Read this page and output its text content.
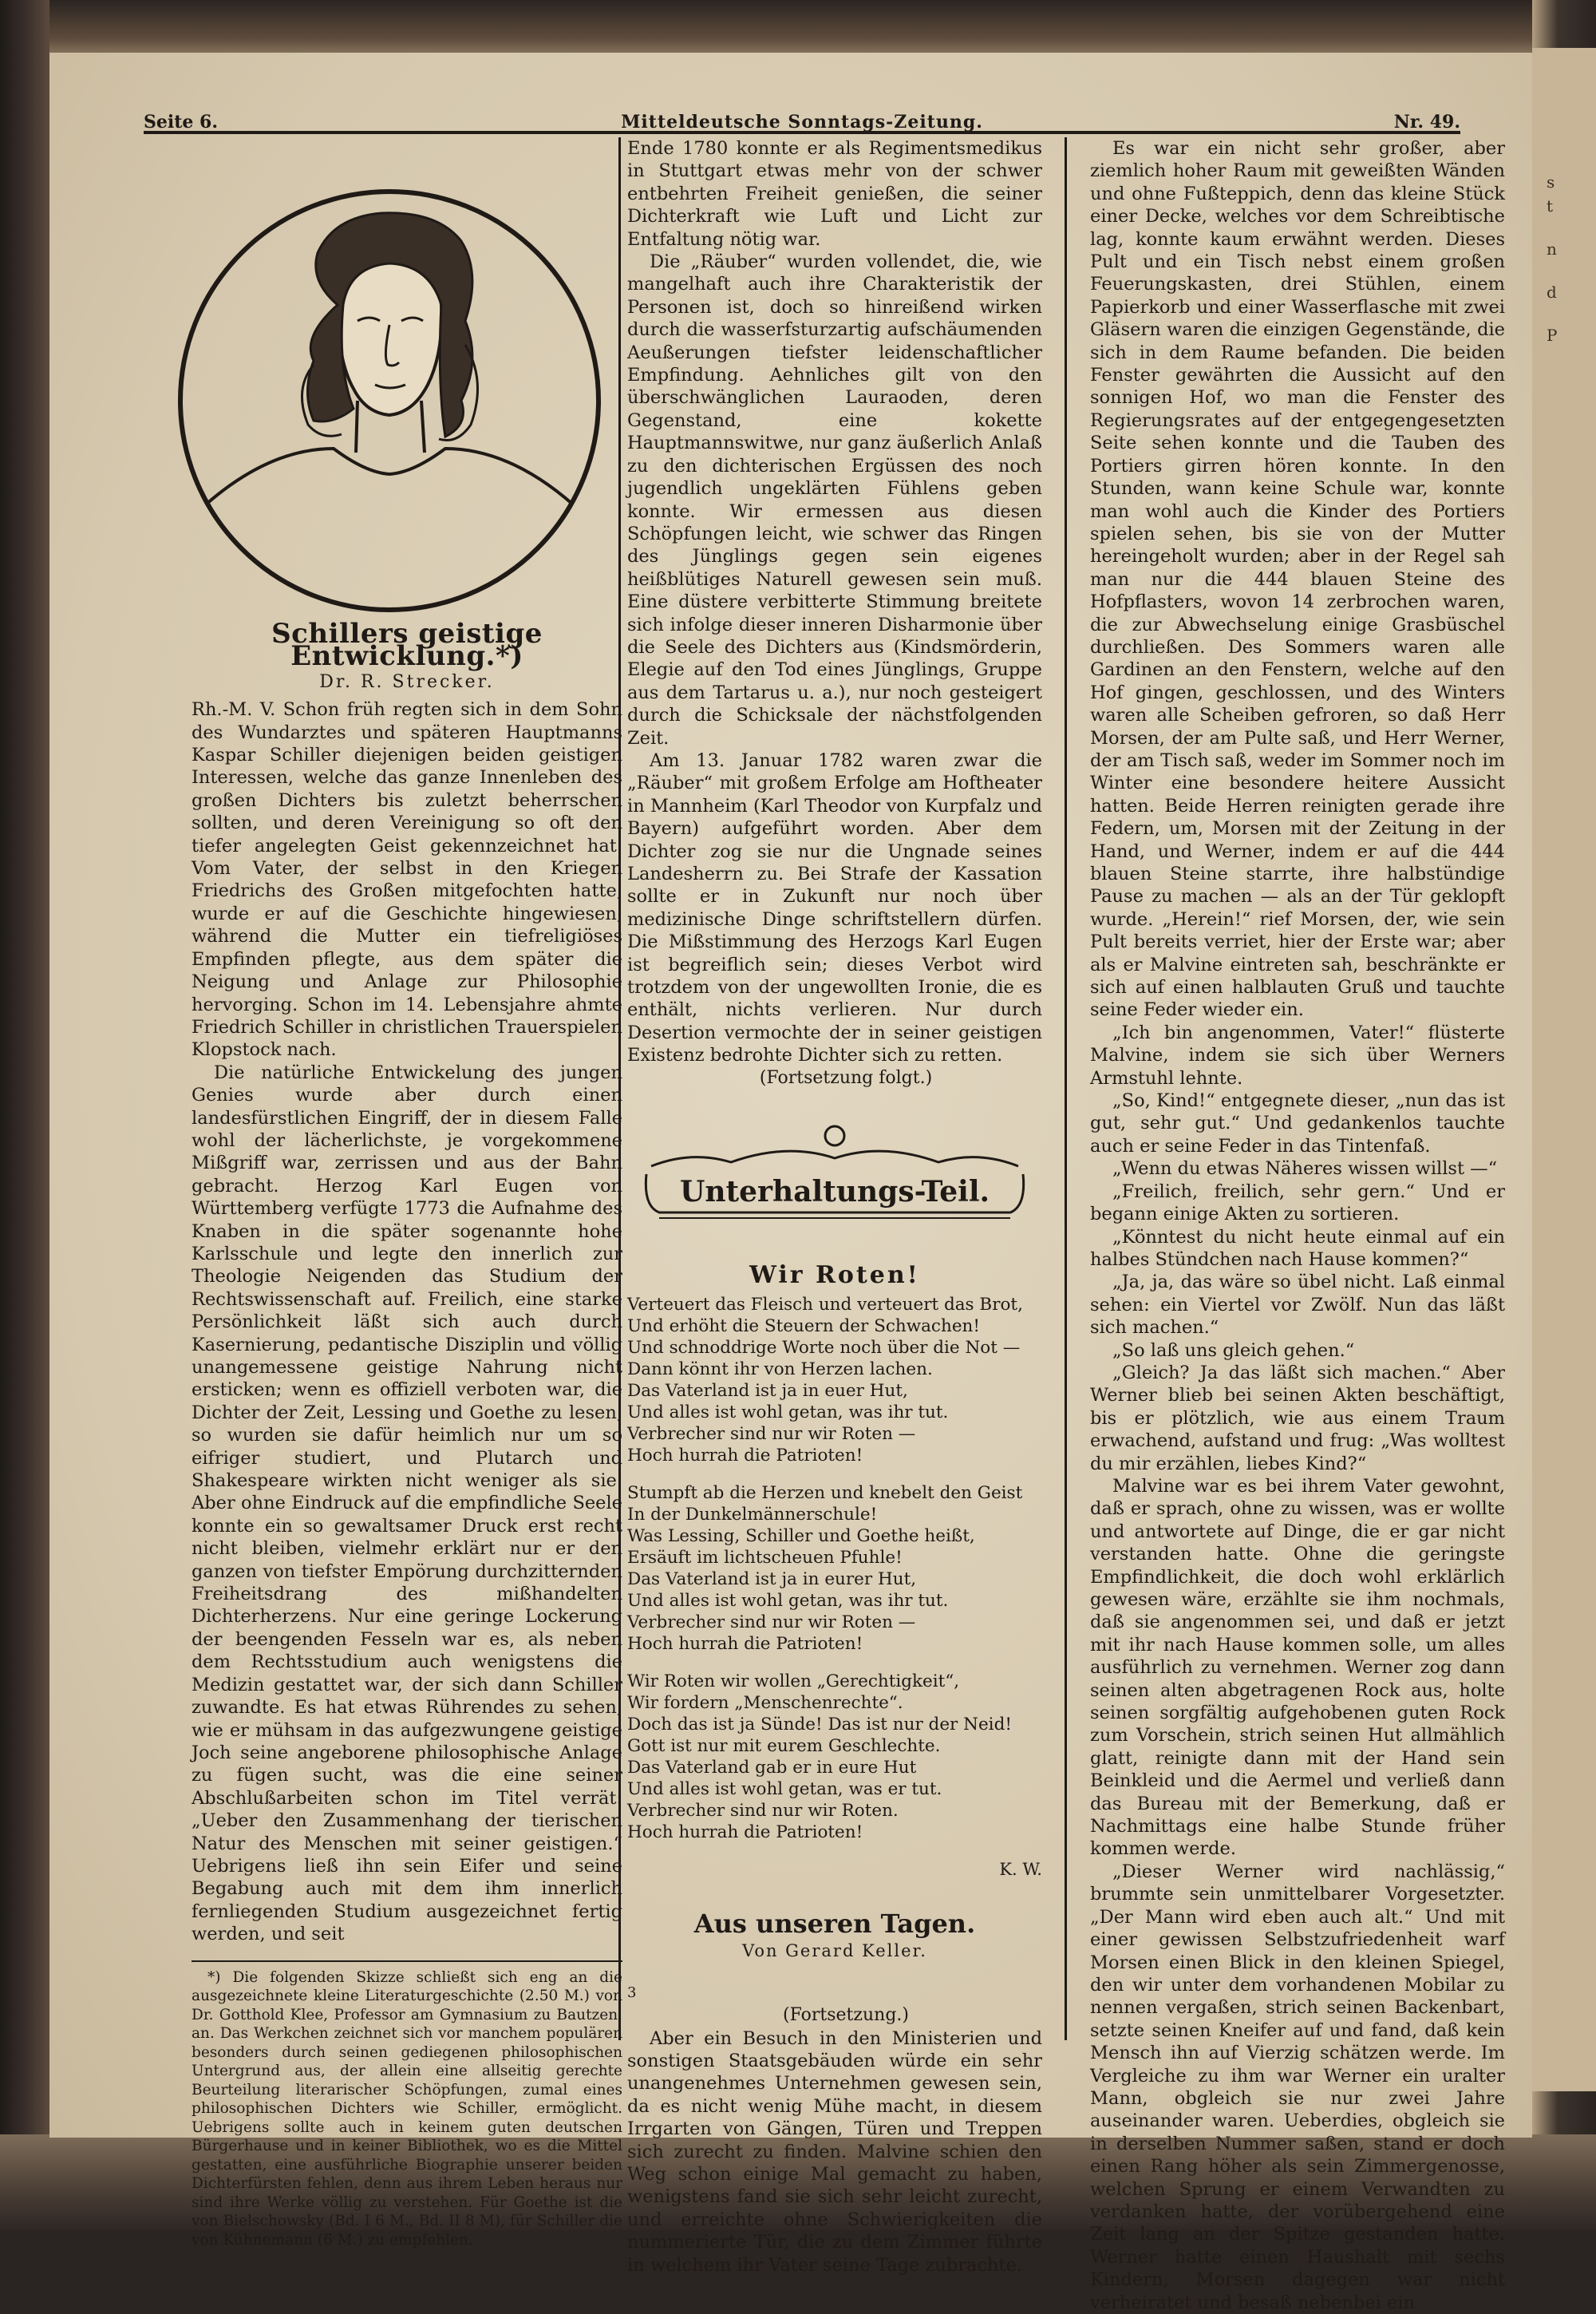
s
t
n
d
P
Seite 6.	Mitteldeutsche Sonntags-Zeitung.	Nr. 49.
Schillers geistige Entwicklung.*)
Dr. R. Strecker.

Rh.-M. V. Schon früh regten sich in dem Sohn des Wundarztes und späteren Hauptmanns Kaspar Schiller diejenigen beiden geistigen Interessen, welche das ganze Innenleben des großen Dichters bis zuletzt beherrschen sollten, und deren Vereinigung so oft den tiefer angelegten Geist gekennzeichnet hat. Vom Vater, der selbst in den Kriegen Friedrichs des Großen mitgefochten hatte, wurde er auf die Geschichte hingewiesen, während die Mutter ein tiefreligiöses Empfinden pflegte, aus dem später die Neigung und Anlage zur Philosophie hervorging. Schon im 14. Lebensjahre ahmte Friedrich Schiller in christlichen Trauerspielen Klopstock nach.

Die natürliche Entwickelung des jungen Genies wurde aber durch einen landesfürstlichen Eingriff, der in diesem Falle wohl der lächerlichste, je vorgekommene Mißgriff war, zerrissen und aus der Bahn gebracht. Herzog Karl Eugen von Württemberg verfügte 1773 die Aufnahme des Knaben in die später sogenannte hohe Karlsschule und legte den innerlich zur Theologie Neigenden das Studium der Rechtswissenschaft auf. Freilich, eine starke Persönlichkeit läßt sich auch durch Kasernierung, pedantische Disziplin und völlig unangemessene geistige Nahrung nicht ersticken; wenn es offiziell verboten war, die Dichter der Zeit, Lessing und Goethe zu lesen, so wurden sie dafür heimlich nur um so eifriger studiert, und Plutarch und Shakespeare wirkten nicht weniger als sie. Aber ohne Eindruck auf die empfindliche Seele konnte ein so gewaltsamer Druck erst recht nicht bleiben, vielmehr erklärt nur er den ganzen von tiefster Empörung durchzitternden Freiheitsdrang des mißhandelten Dichterherzens. Nur eine geringe Lockerung der beengenden Fesseln war es, als neben dem Rechtsstudium auch wenigstens die Medizin gestattet war, der sich dann Schiller zuwandte. Es hat etwas Rührendes zu sehen, wie er mühsam in das aufgezwungene geistige Joch seine angeborene philosophische Anlage zu fügen sucht, was die eine seiner Abschlußarbeiten schon im Titel verrät: „Ueber den Zusammenhang der tierischen Natur des Menschen mit seiner geistigen.“ Uebrigens ließ ihn sein Eifer und seine Begabung auch mit dem ihm innerlich fernliegenden Studium ausgezeichnet fertig werden, und seit

*) Die folgenden Skizze schließt sich eng an die ausgezeichnete kleine Literaturgeschichte (2.50 M.) von Dr. Gotthold Klee, Professor am Gymnasium zu Bautzen, an. Das Werkchen zeichnet sich vor manchem populären besonders durch seinen gediegenen philosophischen Untergrund aus, der allein eine allseitig gerechte Beurteilung literarischer Schöpfungen, zumal eines philosophischen Dichters wie Schiller, ermöglicht. Uebrigens sollte auch in keinem guten deutschen Bürgerhause und in keiner Bibliothek, wo es die Mittel gestatten, eine ausführliche Biographie unserer beiden Dichterfürsten fehlen, denn aus ihrem Leben heraus nur sind ihre Werke völlig zu verstehen. Für Goethe ist die von Bielschowsky (Bd. I 6 M., Bd. II 8 M), für Schiller die von Kühnemann (6 M.) zu empfehlen.

Ende 1780 konnte er als Regimentsmedikus in Stuttgart etwas mehr von der schwer entbehrten Freiheit genießen, die seiner Dichterkraft wie Luft und Licht zur Entfaltung nötig war.

Die „Räuber“ wurden vollendet, die, wie mangelhaft auch ihre Charakteristik der Personen ist, doch so hinreißend wirken durch die wasserfsturzartig aufschäumenden Aeußerungen tiefster leidenschaftlicher Empfindung. Aehnliches gilt von den überschwänglichen Lauraoden, deren Gegenstand, eine kokette Hauptmannswitwe, nur ganz äußerlich Anlaß zu den dichterischen Ergüssen des noch jugendlich ungeklärten Fühlens geben konnte. Wir ermessen aus diesen Schöpfungen leicht, wie schwer das Ringen des Jünglings gegen sein eigenes heißblütiges Naturell gewesen sein muß. Eine düstere verbitterte Stimmung breitete sich infolge dieser inneren Disharmonie über die Seele des Dichters aus (Kindsmörderin, Elegie auf den Tod eines Jünglings, Gruppe aus dem Tartarus u. a.), nur noch gesteigert durch die Schicksale der nächstfolgenden Zeit.

Am 13. Januar 1782 waren zwar die „Räuber“ mit großem Erfolge am Hoftheater in Mannheim (Karl Theodor von Kurpfalz und Bayern) aufgeführt worden. Aber dem Dichter zog sie nur die Ungnade seines Landesherrn zu. Bei Strafe der Kassation sollte er in Zukunft nur noch über medizinische Dinge schriftstellern dürfen. Die Mißstimmung des Herzogs Karl Eugen ist begreiflich sein; dieses Verbot wird trotzdem von der ungewollten Ironie, die es enthält, nichts verlieren. Nur durch Desertion vermochte der in seiner geistigen Existenz bedrohte Dichter sich zu retten.

(Fortsetzung folgt.)

Unterhaltungs-Teil.
Wir Roten!
Verteuert das Fleisch und verteuert das Brot,
Und erhöht die Steuern der Schwachen!
Und schnoddrige Worte noch über die Not —
Dann könnt ihr von Herzen lachen.
Das Vaterland ist ja in euer Hut,
Und alles ist wohl getan, was ihr tut.
Verbrecher sind nur wir Roten —
Hoch hurrah die Patrioten!
Stumpft ab die Herzen und knebelt den Geist
In der Dunkelmännerschule!
Was Lessing, Schiller und Goethe heißt,
Ersäuft im lichtscheuen Pfuhle!
Das Vaterland ist ja in eurer Hut,
Und alles ist wohl getan, was ihr tut.
Verbrecher sind nur wir Roten —
Hoch hurrah die Patrioten!
Wir Roten wir wollen „Gerechtigkeit“,
Wir fordern „Menschenrechte“.
Doch das ist ja Sünde! Das ist nur der Neid!
Gott ist nur mit eurem Geschlechte.
Das Vaterland gab er in eure Hut
Und alles ist wohl getan, was er tut.
Verbrecher sind nur wir Roten.
Hoch hurrah die Patrioten!
K. W.
Aus unseren Tagen.
Von Gerard Keller.
3

(Fortsetzung.)

Aber ein Besuch in den Ministerien und sonstigen Staatsgebäuden würde ein sehr unangenehmes Unternehmen gewesen sein, da es nicht wenig Mühe macht, in diesem Irrgarten von Gängen, Türen und Treppen sich zurecht zu finden. Malvine schien den Weg schon einige Mal gemacht zu haben, wenigstens fand sie sich sehr leicht zurecht, und erreichte ohne Schwierigkeiten die nummerierte Tür, die zu dem Zimmer führte in welchem ihr Vater seine Tage zubrachte.

Es war ein nicht sehr großer, aber ziemlich hoher Raum mit geweißten Wänden und ohne Fußteppich, denn das kleine Stück einer Decke, welches vor dem Schreibtische lag, konnte kaum erwähnt werden. Dieses Pult und ein Tisch nebst einem großen Feuerungskasten, drei Stühlen, einem Papierkorb und einer Wasserflasche mit zwei Gläsern waren die einzigen Gegenstände, die sich in dem Raume befanden. Die beiden Fenster gewährten die Aussicht auf den sonnigen Hof, wo man die Fenster des Regierungsrates auf der entgegengesetzten Seite sehen konnte und die Tauben des Portiers girren hören konnte. In den Stunden, wann keine Schule war, konnte man wohl auch die Kinder des Portiers spielen sehen, bis sie von der Mutter hereingeholt wurden; aber in der Regel sah man nur die 444 blauen Steine des Hofpflasters, wovon 14 zerbrochen waren, die zur Abwechselung einige Grasbüschel durchließen. Des Sommers waren alle Gardinen an den Fenstern, welche auf den Hof gingen, geschlossen, und des Winters waren alle Scheiben gefroren, so daß Herr Morsen, der am Pulte saß, und Herr Werner, der am Tisch saß, weder im Sommer noch im Winter eine besondere heitere Aussicht hatten. Beide Herren reinigten gerade ihre Federn, um, Morsen mit der Zeitung in der Hand, und Werner, indem er auf die 444 blauen Steine starrte, ihre halbstündige Pause zu machen — als an der Tür geklopft wurde. „Herein!“ rief Morsen, der, wie sein Pult bereits verriet, hier der Erste war; aber als er Malvine eintreten sah, beschränkte er sich auf einen halblauten Gruß und tauchte seine Feder wieder ein.

„Ich bin angenommen, Vater!“ flüsterte Malvine, indem sie sich über Werners Armstuhl lehnte.

„So, Kind!“ entgegnete dieser, „nun das ist gut, sehr gut.“ Und gedankenlos tauchte auch er seine Feder in das Tintenfaß.

„Wenn du etwas Näheres wissen willst —“

„Freilich, freilich, sehr gern.“ Und er begann einige Akten zu sortieren.

„Könntest du nicht heute einmal auf ein halbes Stündchen nach Hause kommen?“

„Ja, ja, das wäre so übel nicht. Laß einmal sehen: ein Viertel vor Zwölf. Nun das läßt sich machen.“

„So laß uns gleich gehen.“

„Gleich? Ja das läßt sich machen.“ Aber Werner blieb bei seinen Akten beschäftigt, bis er plötzlich, wie aus einem Traum erwachend, aufstand und frug: „Was wolltest du mir erzählen, liebes Kind?“

Malvine war es bei ihrem Vater gewohnt, daß er sprach, ohne zu wissen, was er wollte und antwortete auf Dinge, die er gar nicht verstanden hatte. Ohne die geringste Empfindlichkeit, die doch wohl erklärlich gewesen wäre, erzählte sie ihm nochmals, daß sie angenommen sei, und daß er jetzt mit ihr nach Hause kommen solle, um alles ausführlich zu vernehmen. Werner zog dann seinen alten abgetragenen Rock aus, holte seinen sorgfältig aufgehobenen guten Rock zum Vorschein, strich seinen Hut allmählich glatt, reinigte dann mit der Hand sein Beinkleid und die Aermel und verließ dann das Bureau mit der Bemerkung, daß er Nachmittags eine halbe Stunde früher kommen werde.

„Dieser Werner wird nachlässig,“ brummte sein unmittelbarer Vorgesetzter. „Der Mann wird eben auch alt.“ Und mit einer gewissen Selbstzufriedenheit warf Morsen einen Blick in den kleinen Spiegel, den wir unter dem vorhandenen Mobilar zu nennen vergaßen, strich seinen Backenbart, setzte seinen Kneifer auf und fand, daß kein Mensch ihn auf Vierzig schätzen werde. Im Vergleiche zu ihm war Werner ein uralter Mann, obgleich sie nur zwei Jahre auseinander waren. Ueberdies, obgleich sie in derselben Nummer saßen, stand er doch einen Rang höher als sein Zimmergenosse, welchen Sprung er einem Verwandten zu verdanken hatte, der vorübergehend eine Zeit lang an der Spitze gestanden hatte. Werner hatte einen Haushalt mit sechs Kindern, Morsen dagegen war nicht verheiratet und besaß nebenbei ein
